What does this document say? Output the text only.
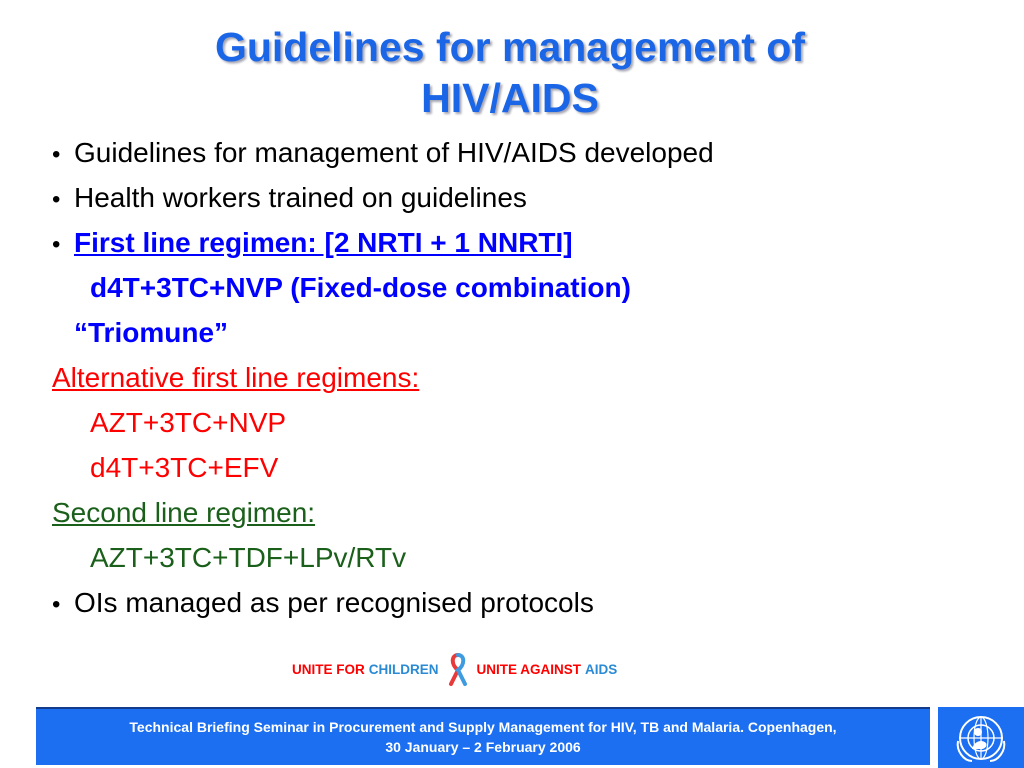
Guidelines for management of
HIV/AIDS
• Guidelines for management of HIV/AIDS developed
• Health workers trained on guidelines
• First line regimen: [2 NRTI + 1 NNRTI]
d4T+3TC+NVP (Fixed-dose combination)
“Triomune”
Alternative first line regimens:
AZT+3TC+NVP
d4T+3TC+EFV
Second line regimen:
AZT+3TC+TDF+LPv/RTv
• OIs managed as per recognised protocols
UNITE FOR CHILDREN	UNITE AGAINST AIDS
Technical Briefing Seminar in Procurement and Supply Management for HIV, TB and Malaria. Copenhagen,
30 January – 2 February 2006
